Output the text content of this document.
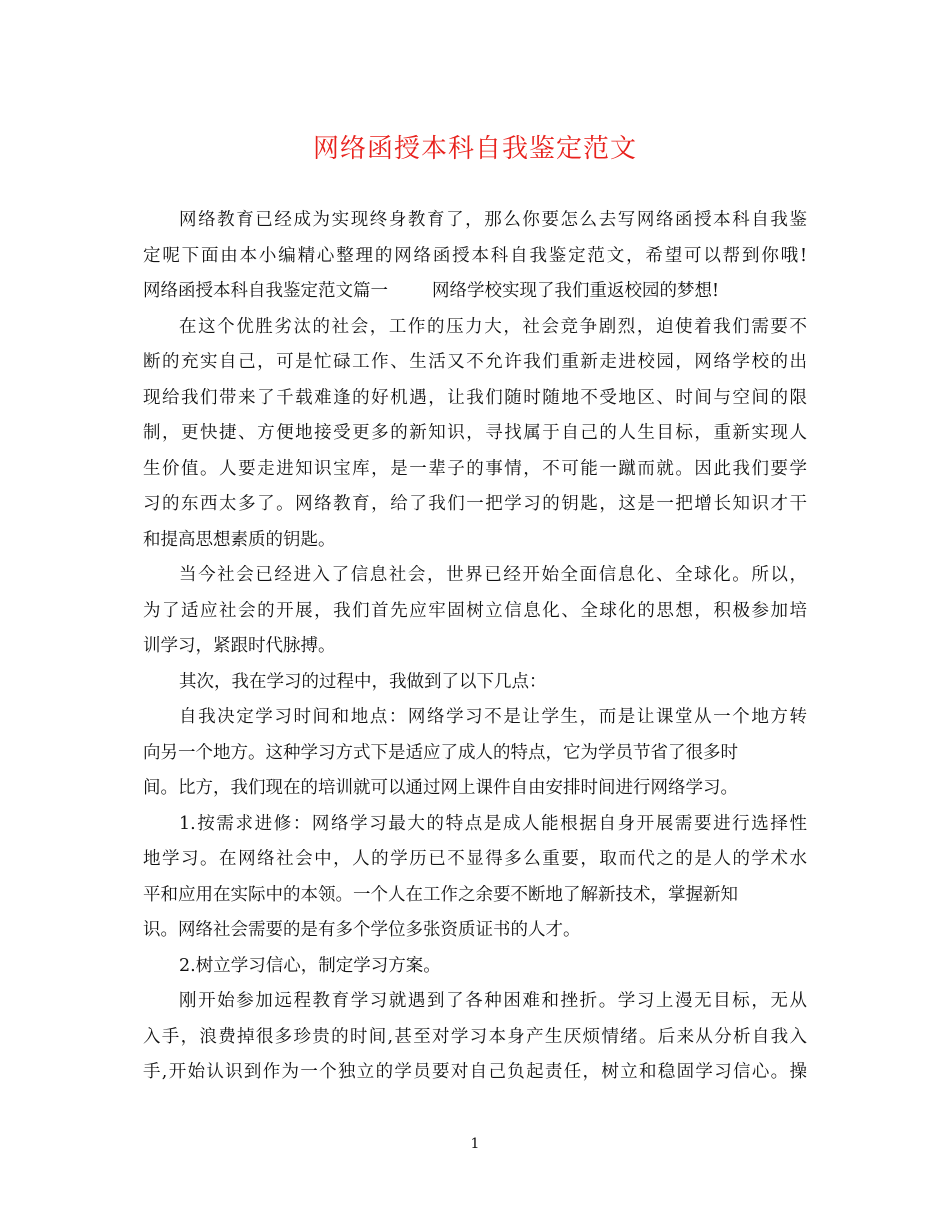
网络函授本科自我鉴定范文
网络教育已经成为实现终身教育了，那么你要怎么去写网络函授本科自我鉴
定呢下面由本小编精心整理的网络函授本科自我鉴定范文，希望可以帮到你哦!
网络函授本科自我鉴定范文篇一	网络学校实现了我们重返校园的梦想!
在这个优胜劣汰的社会，工作的压力大，社会竞争剧烈，迫使着我们需要不
断的充实自己，可是忙碌工作、生活又不允许我们重新走进校园，网络学校的出
现给我们带来了千载难逢的好机遇，让我们随时随地不受地区、时间与空间的限
制，更快捷、方便地接受更多的新知识，寻找属于自己的人生目标，重新实现人
生价值。人要走进知识宝库，是一辈子的事情，不可能一蹴而就。因此我们要学
习的东西太多了。网络教育，给了我们一把学习的钥匙，这是一把增长知识才干
和提高思想素质的钥匙。
当今社会已经进入了信息社会，世界已经开始全面信息化、全球化。所以，
为了适应社会的开展，我们首先应牢固树立信息化、全球化的思想，积极参加培
训学习，紧跟时代脉搏。
其次，我在学习的过程中，我做到了以下几点：
自我决定学习时间和地点：网络学习不是让学生，而是让课堂从一个地方转
向另一个地方。这种学习方式下是适应了成人的特点，它为学员节省了很多时
间。比方，我们现在的培训就可以通过网上课件自由安排时间进行网络学习。
1.按需求进修：网络学习最大的特点是成人能根据自身开展需要进行选择性
地学习。在网络社会中，人的学历已不显得多么重要，取而代之的是人的学术水
平和应用在实际中的本领。一个人在工作之余要不断地了解新技术，掌握新知
识。网络社会需要的是有多个学位多张资质证书的人才。
2.树立学习信心，制定学习方案。
刚开始参加远程教育学习就遇到了各种困难和挫折。学习上漫无目标，无从
入手，浪费掉很多珍贵的时间,甚至对学习本身产生厌烦情绪。后来从分析自我入
手,开始认识到作为一个独立的学员要对自己负起责任，树立和稳固学习信心。操
1
